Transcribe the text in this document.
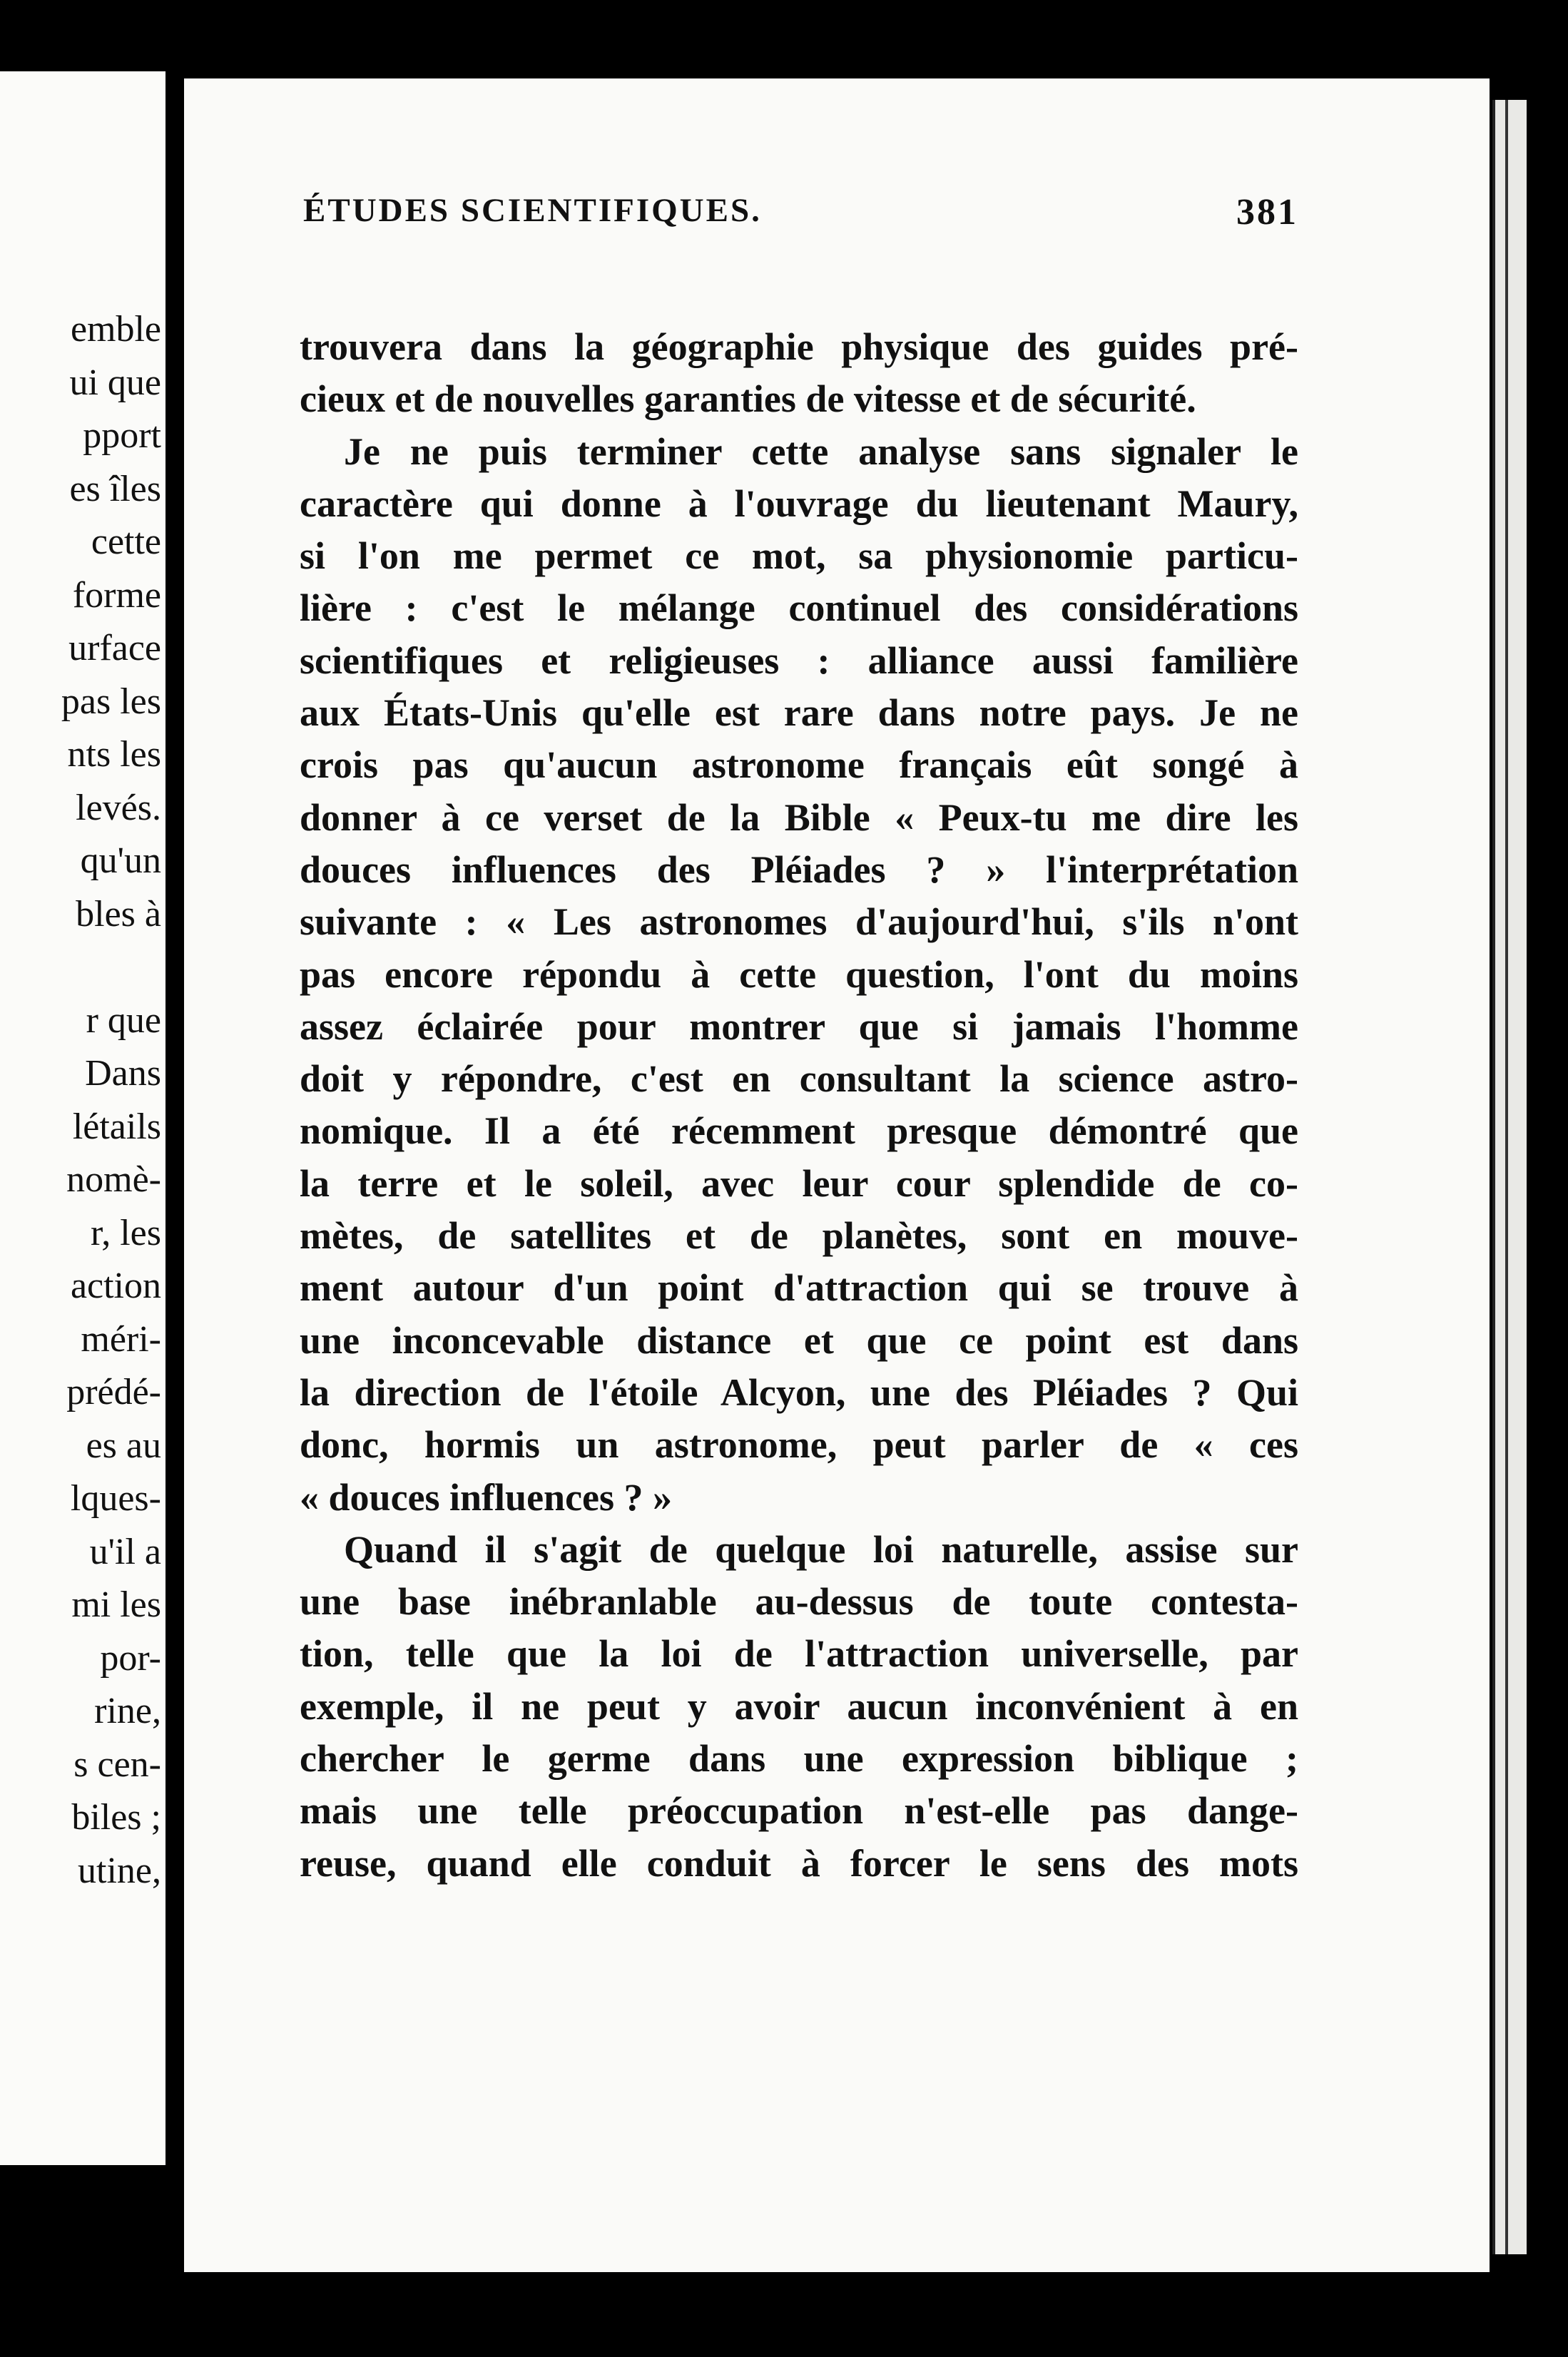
emble
ui que
pport
es îles
cette
forme
urface
pas les
nts les
levés.
qu'un
bles à
r que
Dans
létails
nomè-
r, les
action
méri-
prédé-
es au
lques-
u'il a
mi les
por-
rine,
s cen-
biles ;
utine,
ÉTUDES SCIENTIFIQUES.	381
trouvera dans la géographie physique des guides pré-
cieux et de nouvelles garanties de vitesse et de sécurité.
Je ne puis terminer cette analyse sans signaler le
caractère qui donne à l'ouvrage du lieutenant Maury,
si l'on me permet ce mot, sa physionomie particu-
lière : c'est le mélange continuel des considérations
scientifiques et religieuses : alliance aussi familière
aux États-Unis qu'elle est rare dans notre pays. Je ne
crois pas qu'aucun astronome français eût songé à
donner à ce verset de la Bible « Peux-tu me dire les
douces influences des Pléiades ? » l'interprétation
suivante : « Les astronomes d'aujourd'hui, s'ils n'ont
pas encore répondu à cette question, l'ont du moins
assez éclairée pour montrer que si jamais l'homme
doit y répondre, c'est en consultant la science astro-
nomique. Il a été récemment presque démontré que
la terre et le soleil, avec leur cour splendide de co-
mètes, de satellites et de planètes, sont en mouve-
ment autour d'un point d'attraction qui se trouve à
une inconcevable distance et que ce point est dans
la direction de l'étoile Alcyon, une des Pléiades ? Qui
donc, hormis un astronome, peut parler de « ces
« douces influences ? »
Quand il s'agit de quelque loi naturelle, assise sur
une base inébranlable au-dessus de toute contesta-
tion, telle que la loi de l'attraction universelle, par
exemple, il ne peut y avoir aucun inconvénient à en
chercher le germe dans une expression biblique ;
mais une telle préoccupation n'est-elle pas dange-
reuse, quand elle conduit à forcer le sens des mots
